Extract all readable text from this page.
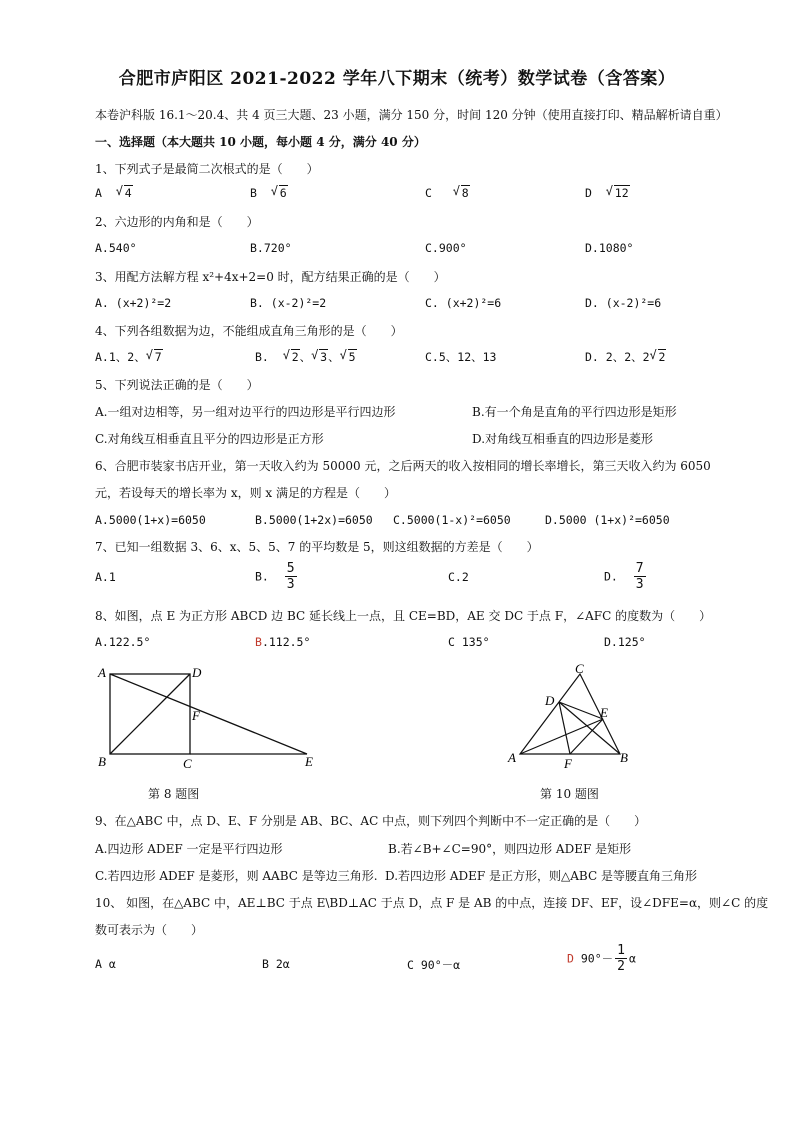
合肥市庐阳区 2021-2022 学年八下期末（统考）数学试卷（含答案）
本卷沪科版 16.1～20.4、共 4 页三大题、23 小题，满分 150 分，时间 120 分钟（使用直接打印、精品解析请自重）
一、选择题（本大题共 10 小题，每小题 4 分，满分 40 分）
1、下列式子是最简二次根式的是（　　）
A √ 4	B √ 6	C	√ 8	D √ 12
2、六边形的内角和是（　　）
A.540°	B.720°	C.900°	D.1080°
3、用配方法解方程 x²+4x+2=0 时，配方结果正确的是（　　）
A. (x+2)²=2	B. (x-2)²=2	C. (x+2)²=6	D. (x-2)²=6
4、下列各组数据为边，不能组成直角三角形的是（　　）
A.1、2、 √ 7	B. √ 2、 √ 3、 √ 5	C.5、12、13	D. 2、2、2 √ 2
5、下列说法正确的是（　　）
A.一组对边相等，另一组对边平行的四边形是平行四边形	B.有一个角是直角的平行四边形是矩形
C.对角线互相垂直且平分的四边形是正方形	D.对角线互相垂直的四边形是菱形
6、合肥市装家书店开业，第一天收入约为 50000 元，之后两天的收入按相同的增长率增长，第三天收入约为 6050
元，若设每天的增长率为 x，则 x 满足的方程是（　　）
A.5000(1+x)=6050	B.5000(1+2x)=6050 C.5000(1-x)²=6050	D.5000 (1+x)²=6050
7、已知一组数据 3、6、x、5、5、7 的平均数是 5，则这组数据的方差是（　　）
A.1	B. $\frac{5}{3}$	C.2	D. $\frac{7}{3}$
8、如图，点 E 为正方形 ABCD 边 BC 延长线上一点，且 CE=BD，AE 交 DC 于点 F，∠AFC 的度数为（　　）
A.122.5°	B.112.5°	C 135°	D.125°
A	D
F
B	C	E
第 8 题图
C
D
E
A	F	B
第 10 题图
9、在△ABC 中，点 D、E、F 分别是 AB、BC、AC 中点，则下列四个判断中不一定正确的是（　　）
A.四边形 ADEF 一定是平行四边形	B.若∠B+∠C=90°，则四边形 ADEF 是矩形
C.若四边形 ADEF 是菱形，则 AABC 是等边三角形. D.若四边形 ADEF 是正方形，则△ABC 是等腰直角三角形
10、 如图，在△ABC 中，AE⊥BC 于点 E\BD⊥AC 于点 D，点 F 是 AB 的中点，连接 DF、EF，设∠DFE=α，则∠C 的度
数可表示为（　　）
A α	B 2α	C 90°－α	D $90^\circ- \frac{1}{2}$ α
